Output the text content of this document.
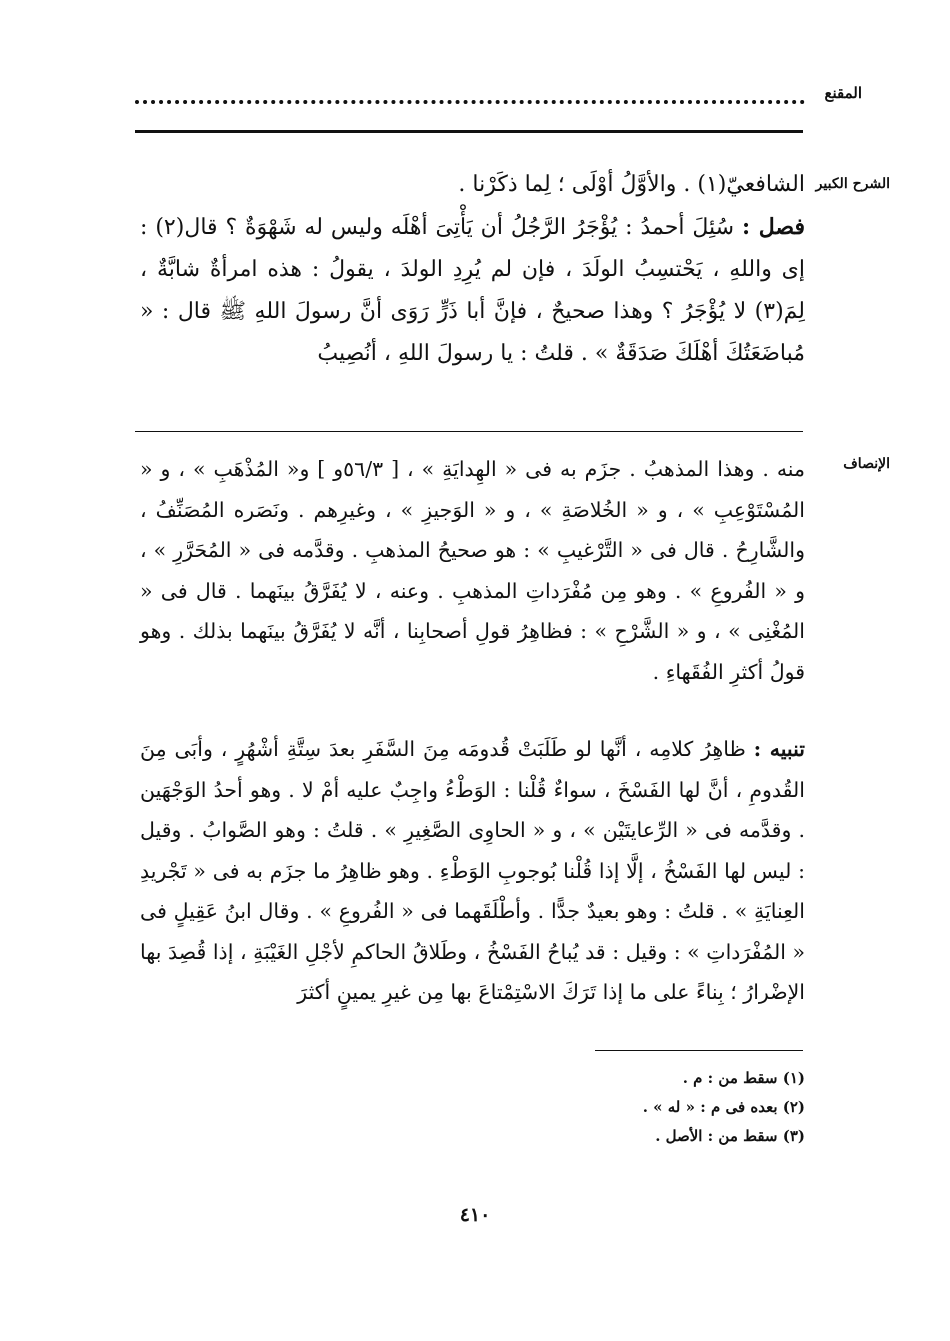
المقنع
الشرح الكبير

الشافعيّ(١) . والأوَّلُ أوْلَى ؛ لِما ذكَرْنا .

فصل : سُئِلَ أحمدُ : يُؤْجَرُ الرَّجُلُ أن يَأْتِىَ أهْلَه وليس له شَهْوَةٌ ؟ قال(٢) : إى واللهِ ، يَحْتسِبُ الولَدَ ، فإن لم يُرِدِ الولدَ ، يقولُ : هذه امرأةٌ شابَّةٌ ، لِمَ(٣) لا يُؤْجَرُ ؟ وهذا صحيحٌ ، فإنَّ أبا ذَرٍّ رَوَى أنَّ رسولَ اللهِ ﷺ قال : « مُباضَعَتُكَ أهْلَكَ صَدَقَةٌ » . قلتُ : يا رسولَ اللهِ ، أنُصِيبُ

الإنصاف

منه . وهذا المذهبُ . جزَم به فى « الهِدايَةِ » ، [ ٥٦/٣و ] و« المُذْهَبِ » ، و « المُسْتَوْعِبِ » ، و « الخُلاصَةِ » ، و « الوَجيزِ » ، وغيرِهم . ونَصَره المُصَنِّفُ ، والشَّارِحُ . قال فى « التَّرْغيبِ » : هو صحيحُ المذهبِ . وقدَّمه فى « المُحَرَّرِ » ، و « الفُروعِ » . وهو مِن مُفْرَداتِ المذهبِ . وعنه ، لا يُفَرَّقُ بينَهما . قال فى « المُغْنِى » ، و « الشَّرْحِ » : فظاهِرُ قولِ أصحابِنا ، أنَّه لا يُفَرَّقُ بينَهما بذلك . وهو قولُ أكثرِ الفُقَهاءِ .

تنبيه : ظاهِرُ كلامِه ، أنَّها لو طَلَبَتْ قُدومَه مِنَ السَّفَرِ بعدَ سِتَّةِ أشْهُرٍ ، وأبَى مِنَ القُدومِ ، أنَّ لها الفَسْخَ ، سواءٌ قُلْنا : الوَطْءُ واجِبٌ عليه أمْ لا . وهو أحدُ الوَجْهَين . وقدَّمه فى « الرِّعايتَيْن » ، و « الحاوِى الصَّغِيرِ » . قلتُ : وهو الصَّوابُ . وقيل : ليس لها الفَسْخُ ، إلَّا إذا قُلْنا بُوجوبِ الوَطْءِ . وهو ظاهِرُ ما جزَم به فى « تَجْريدِ العِنايَةِ » . قلتُ : وهو بعيدٌ جدًّا . وأطْلَقَهما فى « الفُروعِ » . وقال ابنُ عَقِيلٍ فى « المُفْرَداتِ » : وقيل : قد يُباحُ الفَسْخُ ، وطَلاقُ الحاكمِ لأجْلِ الغَيْبَةِ ، إذا قُصِدَ بها الإضْرارُ ؛ بِناءً على ما إذا تَرَكَ الاسْتِمْتاعَ بها مِن غيرِ يمينٍ أكثرَ

(١) سقط من : م .
(٢) بعده فى م : « له » .
(٣) سقط من : الأصل .
٤١٠
